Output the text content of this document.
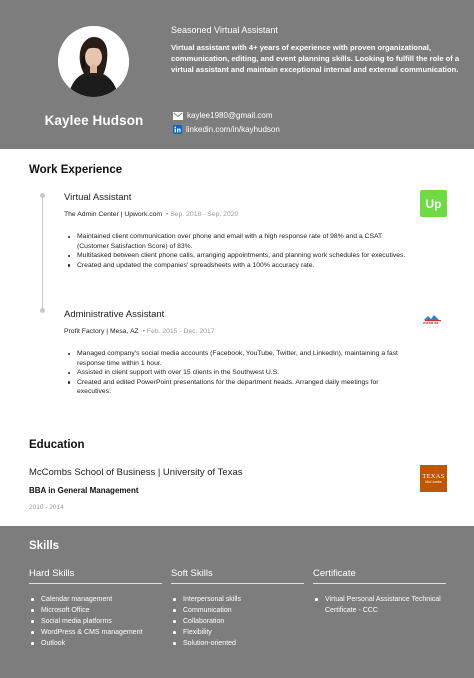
Kaylee Hudson
Seasoned Virtual Assistant
Virtual assistant with 4+ years of experience with proven organizational, communication, editing, and event planning skills. Looking to fulfill the role of a virtual assistant and maintain exceptional internal and external communication.
kaylee1980@gmail.com
linkedin.com/in/kayhudson
Work Experience
Virtual Assistant
The Admin Center | Upwork.com • Sep. 2018 - Sep. 2020
Up
Maintained client communication over phone and email with a high response rate of 98% and a CSAT (Customer Satisfaction Score) of 83%.
Multitasked between client phone calls, arranging appointments, and planning work schedules for executives.
Created and updated the companies' spreadsheets with a 100% accuracy rate.
Administrative Assistant
Profit Factory | Mesa, AZ • Feb. 2015 - Dec. 2017
mesa az
Managed company's social media accounts (Facebook, YouTube, Twitter, and LinkedIn), maintaining a fast response time within 1 hour.
Assisted in client support with over 15 clients in the Southwest U.S.
Created and edited PowerPoint presentations for the department heads. Arranged daily meetings for executives.
Education
McCombs School of Business | University of Texas
BBA in General Management
2010 - 2014
TEXAS
McCombs
Skills
Hard Skills
Calendar management
Microsoft Office
Social media platforms
WordPress & CMS management
Outlook
Soft Skills
Interpersonal skills
Communication
Collaboration
Flexibility
Solution-oriented
Certificate
Virtual Personal Assistance Technical Certificate - CCC
